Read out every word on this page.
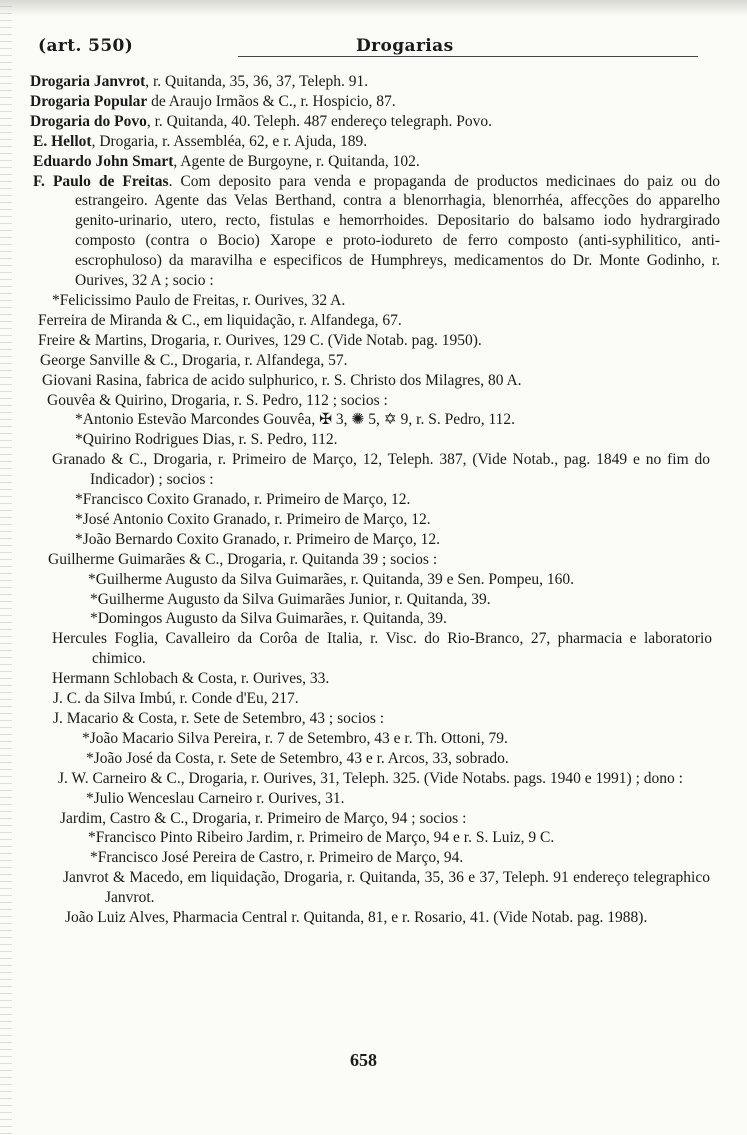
(art. 550)	Drogarias

Drogaria Janvrot, r. Quitanda, 35, 36, 37, Teleph. 91.

Drogaria Popular de Araujo Irmãos & C., r. Hospicio, 87.

Drogaria do Povo, r. Quitanda, 40. Teleph. 487 endereço telegraph. Povo.

E. Hellot, Drogaria, r. Assembléa, 62, e r. Ajuda, 189.

Eduardo John Smart, Agente de Burgoyne, r. Quitanda, 102.

F. Paulo de Freitas. Com deposito para venda e propaganda de productos medicinaes do paiz ou do estrangeiro. Agente das Velas Berthand, contra a blenorrhagia, blenorrhéa, affecções do apparelho genito-urinario, utero, recto, fistulas e hemorrhoides. Depositario do balsamo iodo hydrargirado composto (contra o Bocio) Xarope e proto-iodureto de ferro composto (anti-syphilitico, anti-escrophuloso) da maravilha e especificos de Humphreys, medicamentos do Dr. Monte Godinho, r. Ourives, 32 A ; socio :

*Felicissimo Paulo de Freitas, r. Ourives, 32 A.

Ferreira de Miranda & C., em liquidação, r. Alfandega, 67.

Freire & Martins, Drogaria, r. Ourives, 129 C. (Vide Notab. pag. 1950).

George Sanville & C., Drogaria, r. Alfandega, 57.

Giovani Rasina, fabrica de acido sulphurico, r. S. Christo dos Milagres, 80 A.

Gouvêa & Quirino, Drogaria, r. S. Pedro, 112 ; socios :

*Antonio Estevão Marcondes Gouvêa, ✠ 3, ✺ 5, ✡ 9, r. S. Pedro, 112.

*Quirino Rodrigues Dias, r. S. Pedro, 112.

Granado & C., Drogaria, r. Primeiro de Março, 12, Teleph. 387, (Vide Notab., pag. 1849 e no fim do Indicador) ; socios :

*Francisco Coxito Granado, r. Primeiro de Março, 12.

*José Antonio Coxito Granado, r. Primeiro de Março, 12.

*João Bernardo Coxito Granado, r. Primeiro de Março, 12.

Guilherme Guimarães & C., Drogaria, r. Quitanda 39 ; socios :

*Guilherme Augusto da Silva Guimarães, r. Quitanda, 39 e Sen. Pompeu, 160.

*Guilherme Augusto da Silva Guimarães Junior, r. Quitanda, 39.

*Domingos Augusto da Silva Guimarães, r. Quitanda, 39.

Hercules Foglia, Cavalleiro da Corôa de Italia, r. Visc. do Rio-Branco, 27, pharmacia e laboratorio chimico.

Hermann Schlobach & Costa, r. Ourives, 33.

J. C. da Silva Imbú, r. Conde d'Eu, 217.

J. Macario & Costa, r. Sete de Setembro, 43 ; socios :

*João Macario Silva Pereira, r. 7 de Setembro, 43 e r. Th. Ottoni, 79.

*João José da Costa, r. Sete de Setembro, 43 e r. Arcos, 33, sobrado.

J. W. Carneiro & C., Drogaria, r. Ourives, 31, Teleph. 325. (Vide Notabs. pags. 1940 e 1991) ; dono :

*Julio Wenceslau Carneiro r. Ourives, 31.

Jardim, Castro & C., Drogaria, r. Primeiro de Março, 94 ; socios :

*Francisco Pinto Ribeiro Jardim, r. Primeiro de Março, 94 e r. S. Luiz, 9 C.

*Francisco José Pereira de Castro, r. Primeiro de Março, 94.

Janvrot & Macedo, em liquidação, Drogaria, r. Quitanda, 35, 36 e 37, Teleph. 91 endereço telegraphico Janvrot.

João Luiz Alves, Pharmacia Central r. Quitanda, 81, e r. Rosario, 41. (Vide Notab. pag. 1988).

658
